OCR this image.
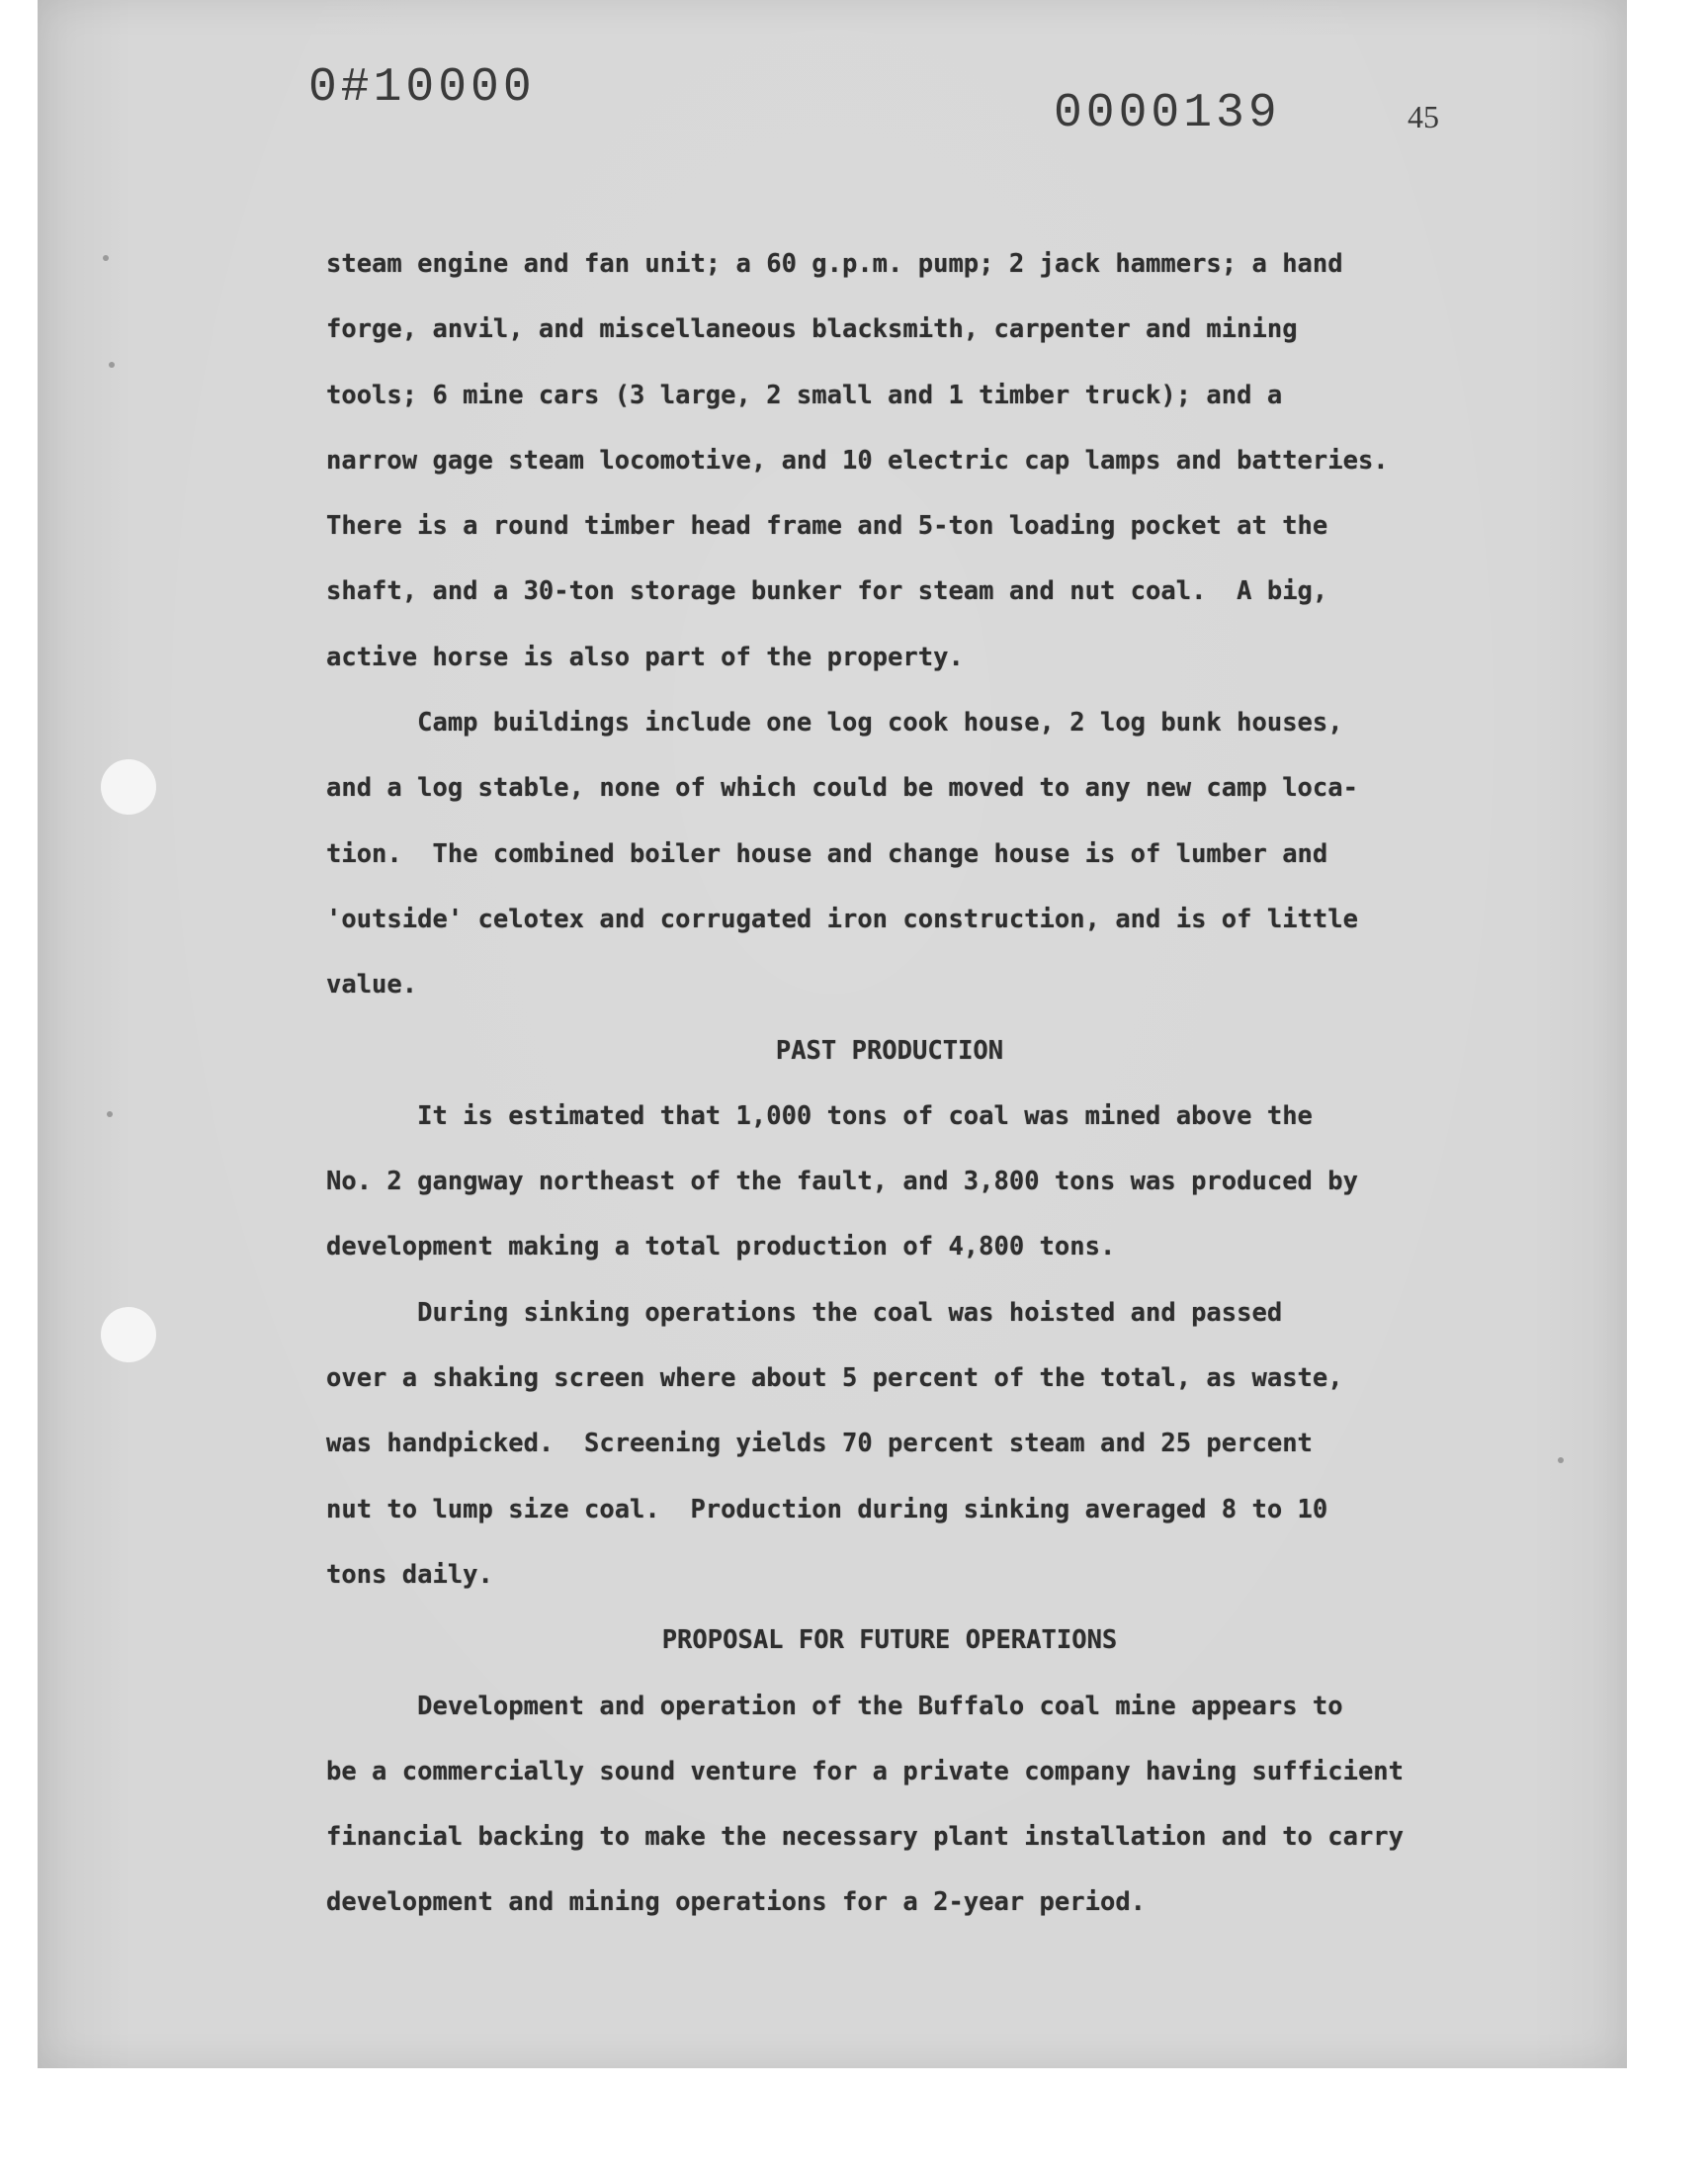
0#10000	0000139	45
steam engine and fan unit; a 60 g.p.m. pump; 2 jack hammers; a hand
forge, anvil, and miscellaneous blacksmith, carpenter and mining
tools; 6 mine cars (3 large, 2 small and 1 timber truck); and a
narrow gage steam locomotive, and 10 electric cap lamps and batteries.
There is a round timber head frame and 5-ton loading pocket at the
shaft, and a 30-ton storage bunker for steam and nut coal.  A big,
active horse is also part of the property.
Camp buildings include one log cook house, 2 log bunk houses,
and a log stable, none of which could be moved to any new camp loca-
tion.  The combined boiler house and change house is of lumber and
'outside' celotex and corrugated iron construction, and is of little
value.
PAST PRODUCTION
It is estimated that 1,000 tons of coal was mined above the
No. 2 gangway northeast of the fault, and 3,800 tons was produced by
development making a total production of 4,800 tons.
During sinking operations the coal was hoisted and passed
over a shaking screen where about 5 percent of the total, as waste,
was handpicked.  Screening yields 70 percent steam and 25 percent
nut to lump size coal.  Production during sinking averaged 8 to 10
tons daily.
PROPOSAL FOR FUTURE OPERATIONS
Development and operation of the Buffalo coal mine appears to
be a commercially sound venture for a private company having sufficient
financial backing to make the necessary plant installation and to carry
development and mining operations for a 2-year period.
